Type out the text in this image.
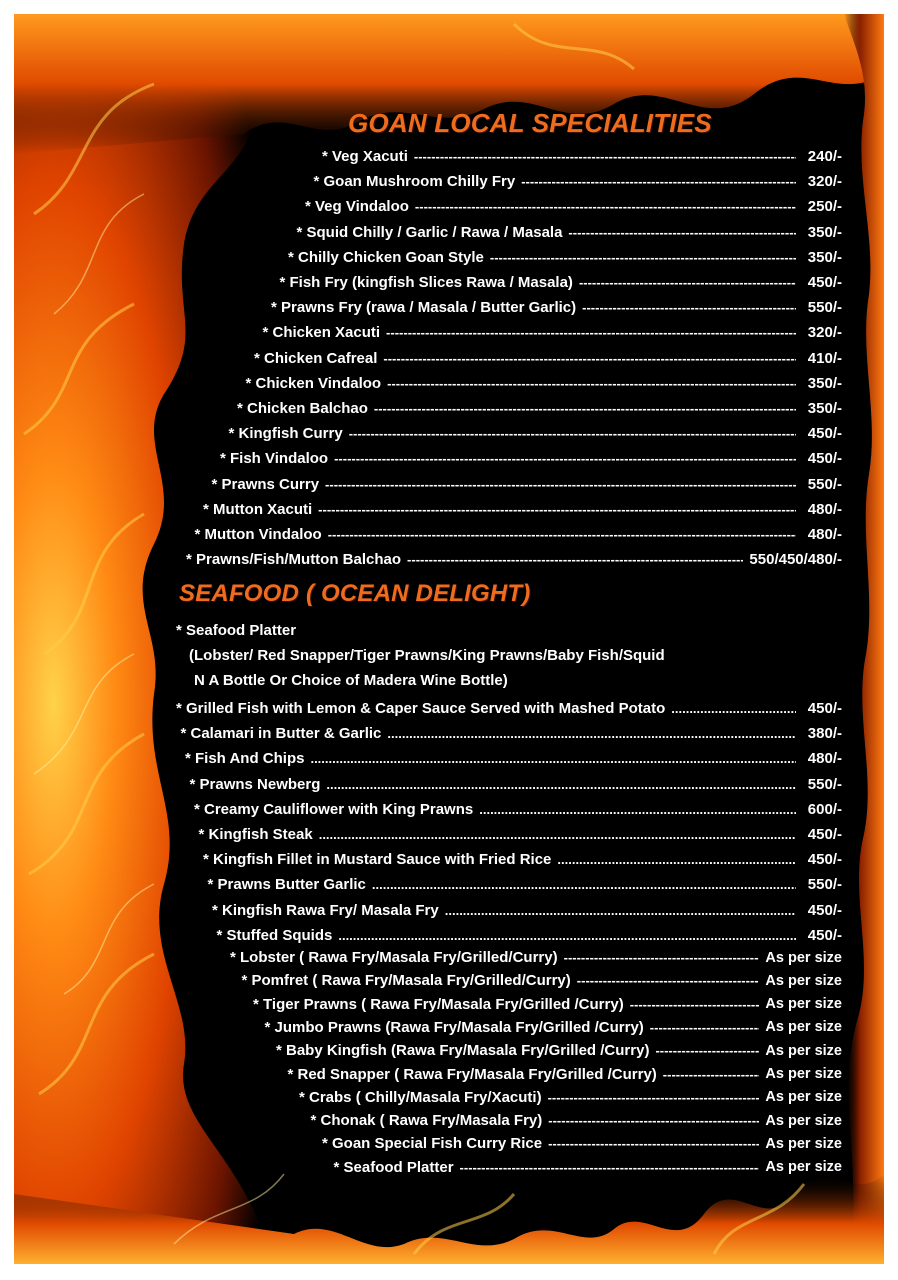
GOAN LOCAL SPECIALITIES
* Veg Xacuti -----	240/-
* Goan Mushroom Chilly Fry -----	320/-
* Veg Vindaloo -----	250/-
* Squid Chilly / Garlic / Rawa / Masala -----	350/-
* Chilly Chicken Goan Style -----	350/-
* Fish Fry (kingfish Slices Rawa / Masala) -----	450/-
* Prawns Fry (rawa / Masala / Butter Garlic) -----	550/-
* Chicken Xacuti -----	320/-
* Chicken Cafreal -----	410/-
* Chicken Vindaloo -----	350/-
* Chicken Balchao -----	350/-
* Kingfish Curry -----	450/-
* Fish Vindaloo -----	450/-
* Prawns Curry -----	550/-
* Mutton Xacuti -----	480/-
* Mutton Vindaloo -----	480/-
* Prawns/Fish/Mutton Balchao -----	550/450/480/-
SEAFOOD ( OCEAN DELIGHT)
* Seafood Platter
(Lobster/ Red Snapper/Tiger Prawns/King Prawns/Baby Fish/Squid
N A Bottle Or Choice of Madera Wine Bottle)
* Grilled Fish with Lemon & Caper Sauce Served with Mashed Potato .....	450/-
* Calamari in Butter & Garlic .....	380/-
* Fish And Chips .....	480/-
* Prawns Newberg .....	550/-
* Creamy Cauliflower with King Prawns .....	600/-
* Kingfish Steak .....	450/-
* Kingfish Fillet in Mustard Sauce with Fried Rice .....	450/-
* Prawns Butter Garlic .....	550/-
* Kingfish Rawa Fry/ Masala Fry .....	450/-
* Stuffed Squids .....	450/-
* Lobster ( Rawa Fry/Masala Fry/Grilled/Curry) -----	As per size
* Pomfret ( Rawa Fry/Masala Fry/Grilled/Curry) -----	As per size
* Tiger Prawns ( Rawa Fry/Masala Fry/Grilled /Curry) -----	As per size
* Jumbo Prawns (Rawa Fry/Masala Fry/Grilled /Curry) -----	As per size
* Baby Kingfish (Rawa Fry/Masala Fry/Grilled /Curry) -----	As per size
* Red Snapper ( Rawa Fry/Masala Fry/Grilled /Curry) -----	As per size
* Crabs ( Chilly/Masala Fry/Xacuti) -----	As per size
* Chonak ( Rawa Fry/Masala Fry) -----	As per size
* Goan Special Fish Curry Rice -----	As per size
* Seafood Platter -----	As per size
